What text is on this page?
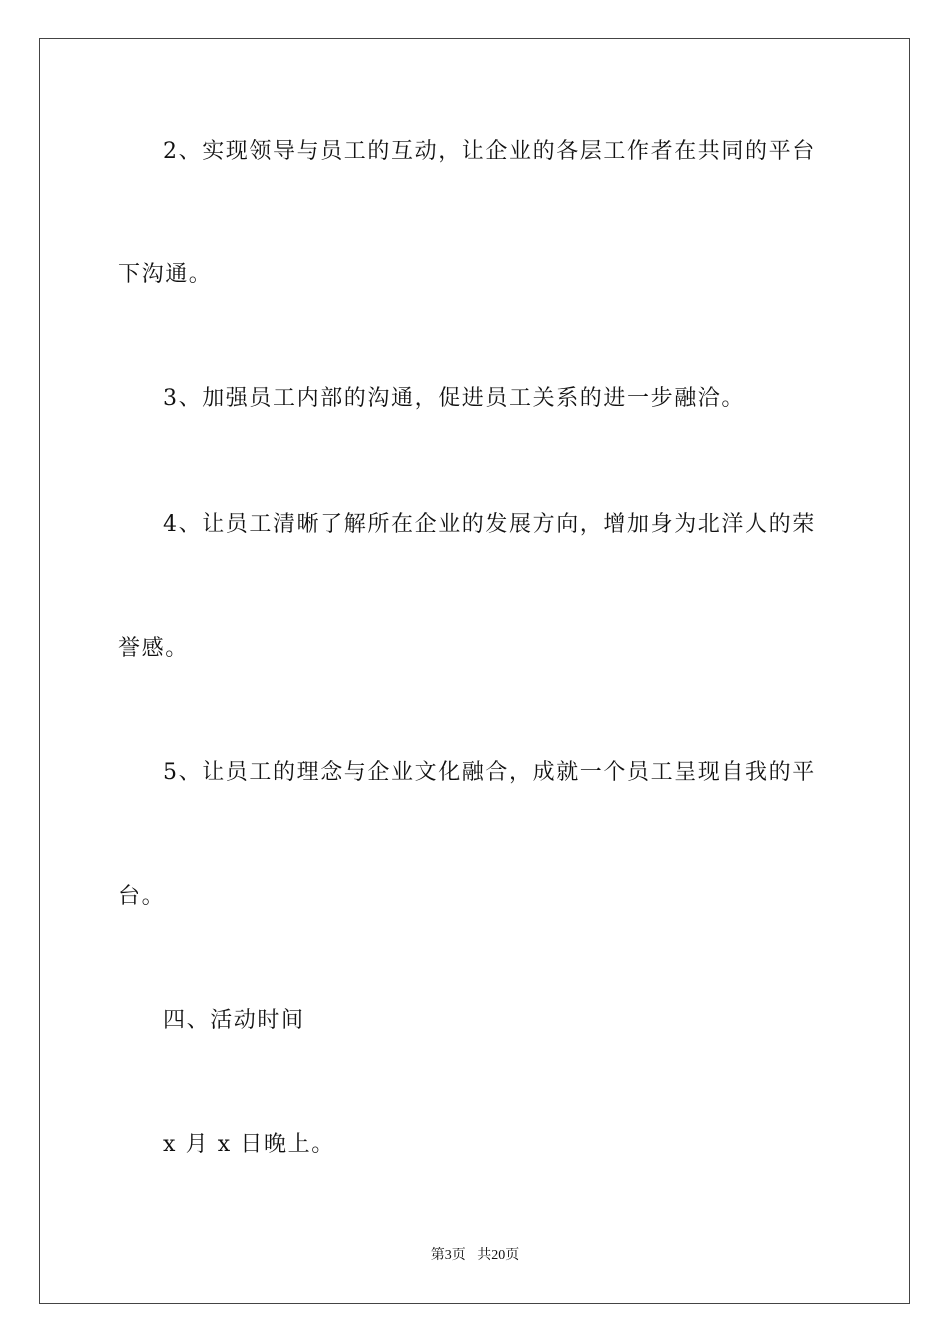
2、实现领导与员工的互动，让企业的各层工作者在共同的平台
下沟通。
3、加强员工内部的沟通，促进员工关系的进一步融洽。
4、让员工清晰了解所在企业的发展方向，增加身为北洋人的荣
誉感。
5、让员工的理念与企业文化融合，成就一个员工呈现自我的平
台。
四、活动时间
x 月 x 日晚上。
第3页 共20页
